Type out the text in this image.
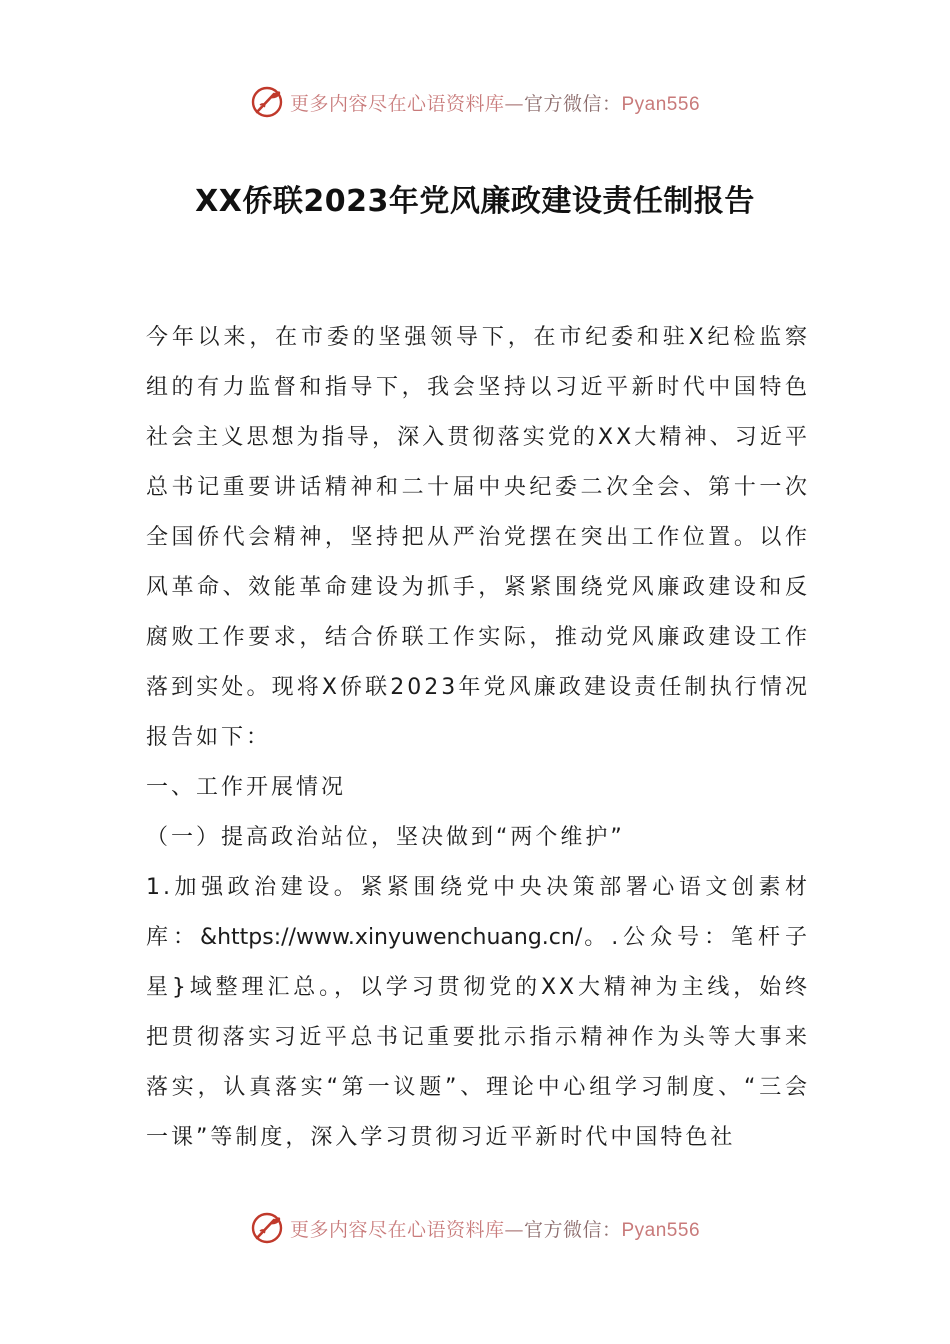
更多内容尽在心语资料库—官方微信：Pyan556
XX侨联2023年党风廉政建设责任制报告

今年以来，在市委的坚强领导下，在市纪委和驻X纪检监察组的有力监督和指导下，我会坚持以习近平新时代中国特色社会主义思想为指导，深入贯彻落实党的XX大精神、习近平总书记重要讲话精神和二十届中央纪委二次全会、第十一次全国侨代会精神，坚持把从严治党摆在突出工作位置。以作风革命、效能革命建设为抓手，紧紧围绕党风廉政建设和反腐败工作要求，结合侨联工作实际，推动党风廉政建设工作落到实处。现将X侨联2023年党风廉政建设责任制执行情况报告如下：

一、工作开展情况

（一）提高政治站位，坚决做到“两个维护”

1.加强政治建设。紧紧围绕党中央决策部署心语文创素材库：&https://www.xinyuwenchuang.cn/。.公众号：笔杆子星}域整理汇总。，以学习贯彻党的XX大精神为主线，始终把贯彻落实习近平总书记重要批示指示精神作为头等大事来落实，认真落实“第一议题”、理论中心组学习制度、“三会一课”等制度，深入学习贯彻习近平新时代中国特色社

更多内容尽在心语资料库—官方微信：Pyan556
